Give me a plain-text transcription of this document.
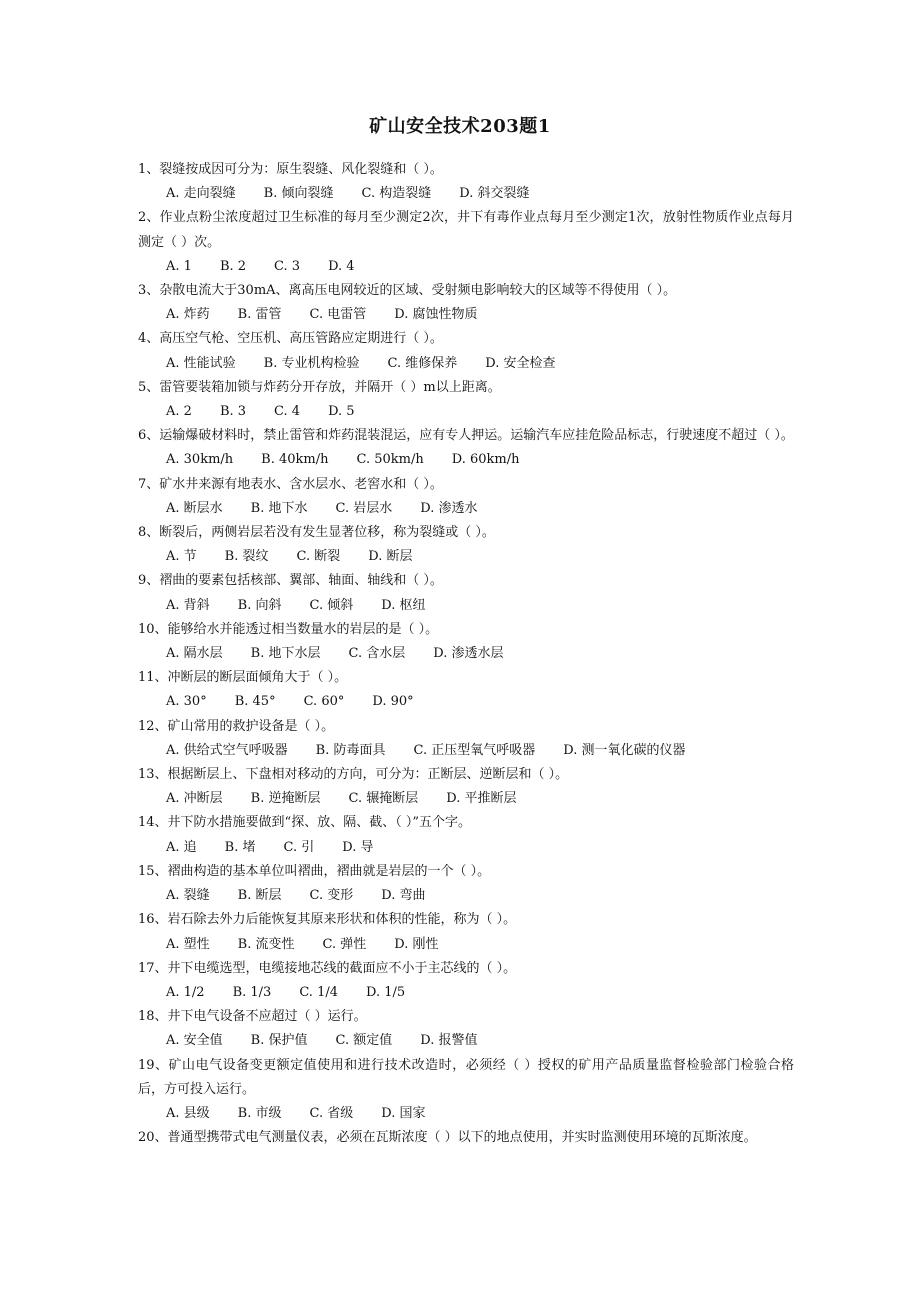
矿山安全技术203题1
1、裂缝按成因可分为：原生裂缝、风化裂缝和（ ）。
A. 走向裂缝 B. 倾向裂缝 C. 构造裂缝 D. 斜交裂缝
2、作业点粉尘浓度超过卫生标准的每月至少测定2次，井下有毒作业点每月至少测定1次，放射性物质作业点每月测定（ ）次。
A. 1 B. 2 C. 3 D. 4
3、杂散电流大于30mA、离高压电网较近的区域、受射频电影响较大的区域等不得使用（ ）。
A. 炸药 B. 雷管 C. 电雷管 D. 腐蚀性物质
4、高压空气枪、空压机、高压管路应定期进行（ ）。
A. 性能试验 B. 专业机构检验 C. 维修保养 D. 安全检查
5、雷管要装箱加锁与炸药分开存放，并隔开（ ）m以上距离。
A. 2 B. 3 C. 4 D. 5
6、运输爆破材料时，禁止雷管和炸药混装混运，应有专人押运。运输汽车应挂危险品标志，行驶速度不超过（ ）。
A. 30km/h B. 40km/h C. 50km/h D. 60km/h
7、矿水井来源有地表水、含水层水、老窖水和（ ）。
A. 断层水 B. 地下水 C. 岩层水 D. 渗透水
8、断裂后，两侧岩层若没有发生显著位移，称为裂缝或（ ）。
A. 节 B. 裂纹 C. 断裂 D. 断层
9、褶曲的要素包括核部、翼部、轴面、轴线和（ ）。
A. 背斜 B. 向斜 C. 倾斜 D. 枢纽
10、能够给水并能透过相当数量水的岩层的是（ ）。
A. 隔水层 B. 地下水层 C. 含水层 D. 渗透水层
11、冲断层的断层面倾角大于（ ）。
A. 30° B. 45° C. 60° D. 90°
12、矿山常用的救护设备是（ ）。
A. 供给式空气呼吸器 B. 防毒面具 C. 正压型氧气呼吸器 D. 测一氧化碳的仪器
13、根据断层上、下盘相对移动的方向，可分为：正断层、逆断层和（ ）。
A. 冲断层 B. 逆掩断层 C. 辗掩断层 D. 平推断层
14、井下防水措施要做到“探、放、隔、截、（ ）”五个字。
A. 追 B. 堵 C. 引 D. 导
15、褶曲构造的基本单位叫褶曲，褶曲就是岩层的一个（ ）。
A. 裂缝 B. 断层 C. 变形 D. 弯曲
16、岩石除去外力后能恢复其原来形状和体积的性能，称为（ ）。
A. 塑性 B. 流变性 C. 弹性 D. 刚性
17、井下电缆选型，电缆接地芯线的截面应不小于主芯线的（ ）。
A. 1/2 B. 1/3 C. 1/4 D. 1/5
18、井下电气设备不应超过（ ）运行。
A. 安全值 B. 保护值 C. 额定值 D. 报警值
19、矿山电气设备变更额定值使用和进行技术改造时，必须经（ ）授权的矿用产品质量监督检验部门检验合格后，方可投入运行。
A. 县级 B. 市级 C. 省级 D. 国家
20、普通型携带式电气测量仪表，必须在瓦斯浓度（ ）以下的地点使用，并实时监测使用环境的瓦斯浓度。
